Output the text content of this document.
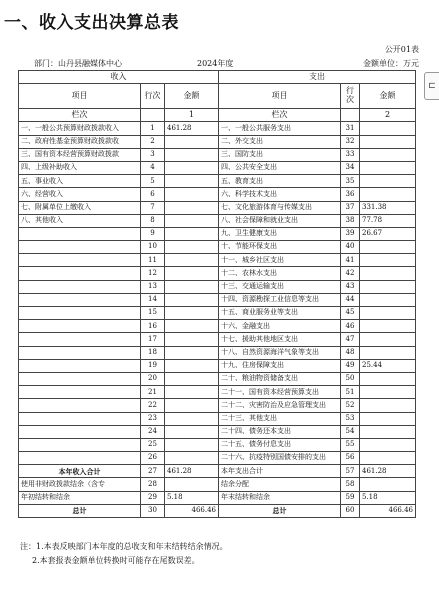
一、收入支出决算总表
公开01表
部门：山丹县融媒体中心	2024年度	金额单位：万元
⊏
收入			支出		
项目	行次	金额	项目	行次	金额
栏次		1	栏次		2
一、一般公共预算财政拨款收入	1	461.28	一、一般公共服务支出	31	
二、政府性基金预算财政拨款收	2		二、外交支出	32	
三、国有资本经营预算财政拨款	3		三、国防支出	33	
四、上级补助收入	4		四、公共安全支出	34	
五、事业收入	5		五、教育支出	35	
六、经营收入	6		六、科学技术支出	36	
七、附属单位上缴收入	7		七、文化旅游体育与传媒支出	37	331.38
八、其他收入	8		八、社会保障和就业支出	38	77.78
	9		九、卫生健康支出	39	26.67
	10		十、节能环保支出	40	
	11		十一、城乡社区支出	41	
	12		十二、农林水支出	42	
	13		十三、交通运输支出	43	
	14		十四、资源勘探工业信息等支出	44	
	15		十五、商业服务业等支出	45	
	16		十六、金融支出	46	
	17		十七、援助其他地区支出	47	
	18		十八、自然资源海洋气象等支出	48	
	19		十九、住房保障支出	49	25.44
	20		二十、粮油物资储备支出	50	
	21		二十一、国有资本经营预算支出	51	
	22		二十二、灾害防治及应急管理支出	52	
	23		二十三、其他支出	53	
	24		二十四、债务还本支出	54	
	25		二十五、债务付息支出	55	
	26		二十六、抗疫特别国债安排的支出	56	
本年收入合计	27	461.28	本年支出合计	57	461.28
使用非财政拨款结余（含专	28		结余分配	58	
年初结转和结余	29	5.18	年末结转和结余	59	5.18
总计	30	466.46	总计	60	466.46
注：1.本表反映部门本年度的总收支和年末结转结余情况。
2.本套报表金额单位转换时可能存在尾数误差。
